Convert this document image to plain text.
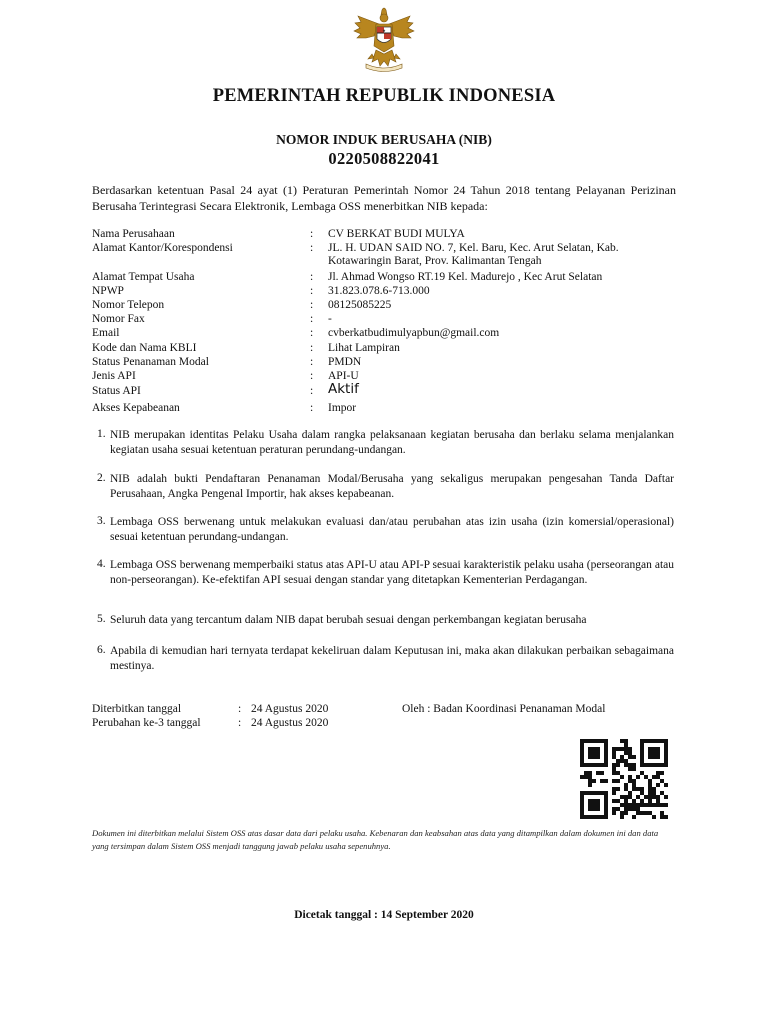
PEMERINTAH REPUBLIK INDONESIA
NOMOR INDUK BERUSAHA (NIB)
0220508822041
Berdasarkan ketentuan Pasal 24 ayat (1) Peraturan Pemerintah Nomor 24 Tahun 2018 tentang Pelayanan Perizinan Berusaha Terintegrasi Secara Elektronik, Lembaga OSS menerbitkan NIB kepada:
Nama Perusahaan	: CV BERKAT BUDI MULYA
Alamat Kantor/Korespondensi	: JL. H. UDAN SAID NO. 7, Kel. Baru, Kec. Arut Selatan, Kab.
Kotawaringin Barat, Prov. Kalimantan Tengah
Alamat Tempat Usaha	: Jl. Ahmad Wongso RT.19 Kel. Madurejo , Kec Arut Selatan
NPWP	: 31.823.078.6-713.000
Nomor Telepon	: 08125085225
Nomor Fax	: -
Email	: cvberkatbudimulyapbun@gmail.com
Kode dan Nama KBLI	: Lihat Lampiran
Status Penanaman Modal	: PMDN
Jenis API	: API-U
Status API	: Aktif
Akses Kepabeanan	: Impor
1. NIB merupakan identitas Pelaku Usaha dalam rangka pelaksanaan kegiatan berusaha dan berlaku selama menjalankan kegiatan usaha sesuai ketentuan peraturan perundang-undangan.
2. NIB adalah bukti Pendaftaran Penanaman Modal/Berusaha yang sekaligus merupakan pengesahan Tanda Daftar Perusahaan, Angka Pengenal Importir, hak akses kepabeanan.
3. Lembaga OSS berwenang untuk melakukan evaluasi dan/atau perubahan atas izin usaha (izin komersial/operasional) sesuai ketentuan perundang-undangan.
4. Lembaga OSS berwenang memperbaiki status atas API-U atau API-P sesuai karakteristik pelaku usaha (perseorangan atau non-perseorangan). Ke-efektifan API sesuai dengan standar yang ditetapkan Kementerian Perdagangan.
5. Seluruh data yang tercantum dalam NIB dapat berubah sesuai dengan perkembangan kegiatan berusaha
6. Apabila di kemudian hari ternyata terdapat kekeliruan dalam Keputusan ini, maka akan dilakukan perbaikan sebagaimana mestinya.
Diterbitkan tanggal	: 24 Agustus 2020
Perubahan ke-3 tanggal	: 24 Agustus 2020
Oleh : Badan Koordinasi Penanaman Modal
Dokumen ini diterbitkan melalui Sistem OSS atas dasar data dari pelaku usaha. Kebenaran dan keabsahan atas data yang ditampilkan dalam dokumen ini dan data yang tersimpan dalam Sistem OSS menjadi tanggung jawab pelaku usaha sepenuhnya.
Dicetak tanggal : 14 September 2020
